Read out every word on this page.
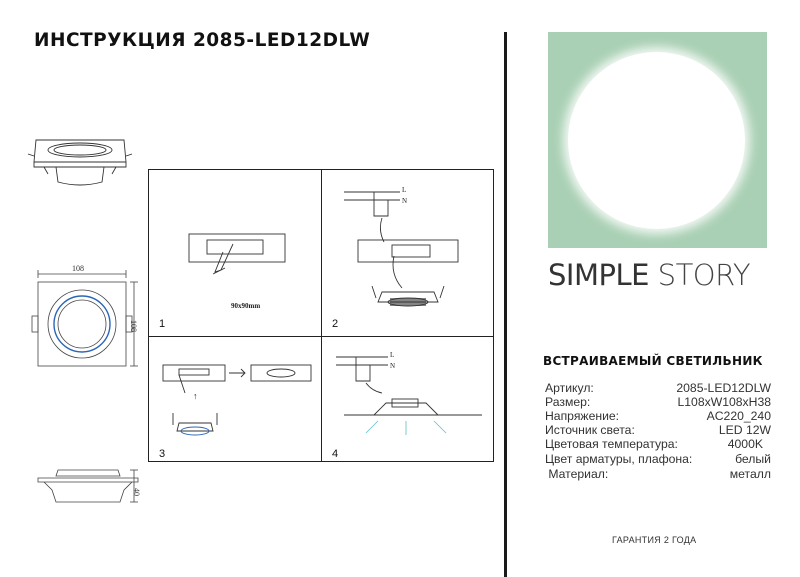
ИНСТРУКЦИЯ 2085-LED12DLW
SIMPLE STORY
ВСТРАИВАЕМЫЙ СВЕТИЛЬНИК
Артикул:	2085-LED12DLW
Размер:	L108xW108xH38
Напряжение:	AC220_240
Источник света:	LED 12W
Цветовая температура:	4000K
Цвет арматуры, плафона:	белый
Материал:	металл
ГАРАНТИЯ 2 ГОДА
108
108
40
90x90mm
1
L
N
2
↑
3
L
N
4
